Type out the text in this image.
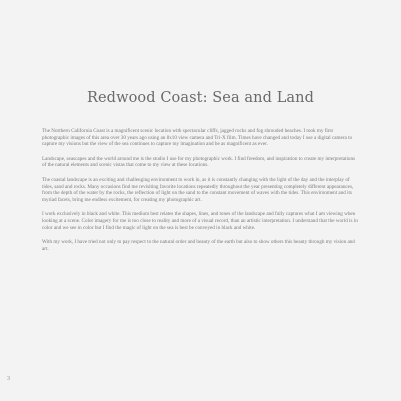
Redwood Coast: Sea and Land

The Northern California Coast is a magnificent scenic location with spectacular cliffs, jagged rocks and fog shrouded beaches. I took my first photographic images of this area over 30 years ago using an 8x10 view camera and Tri-X film. Times have changed and today I use a digital camera to capture my visions but the view of the sea continues to capture my imagination and be as magnificent as ever.

Landscape, seascapes and the world around me is the studio I use for my photographic work. I find freedom, and inspiration to create my interpretations of the natural elements and scenic vistas that come to my view at these locations.

The coastal landscape is an exciting and challenging environment to work in, as it is constantly changing with the light of the day and the interplay of tides, sand and rocks. Many occasions find me revisiting favorite locations repeatedly throughout the year presenting completely different appearances, from the depth of the water by the rocks, the reflection of light on the sand to the constant movement of waves with the tides. This environment and its myriad facets, bring me endless excitement, for creating my photographic art.

I work exclusively in black and white. This medium best relates the shapes, lines, and tones of the landscape and fully captures what I am viewing when looking at a scene. Color imagery for me is too close to reality and more of a visual record, than an artistic interpretation. I understand that the world is in color and we see in color but I find the magic of light on the sea is best be conveyed in black and white.

With my work, I have tried not only to pay respect to the natural order and beauty of the earth but also to show others this beauty through my vision and art.

3
